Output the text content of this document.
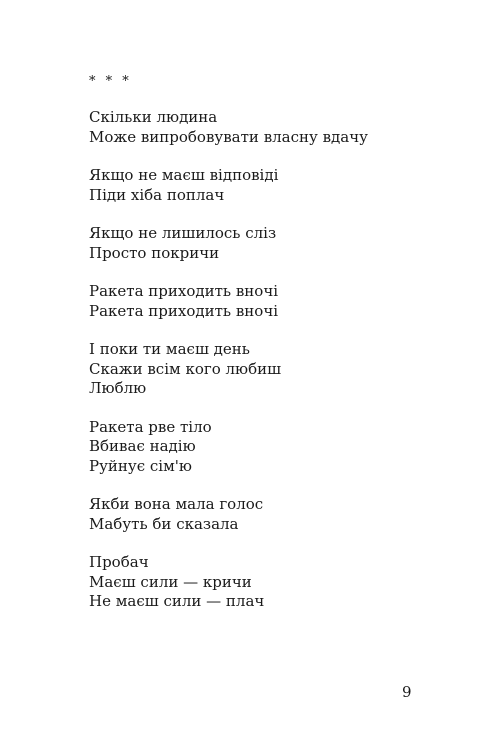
* * *
Скільки людина
Може випробовувати власну вдачу
Якщо не маєш відповіді
Піди хіба поплач
Якщо не лишилось сліз
Просто покричи
Ракета приходить вночі
Ракета приходить вночі
І поки ти маєш день
Скажи всім кого любиш
Люблю
Ракета рве тіло
Вбиває надію
Руйнує сім'ю
Якби вона мала голос
Мабуть би сказала
Пробач
Маєш сили — кричи
Не маєш сили — плач
9
